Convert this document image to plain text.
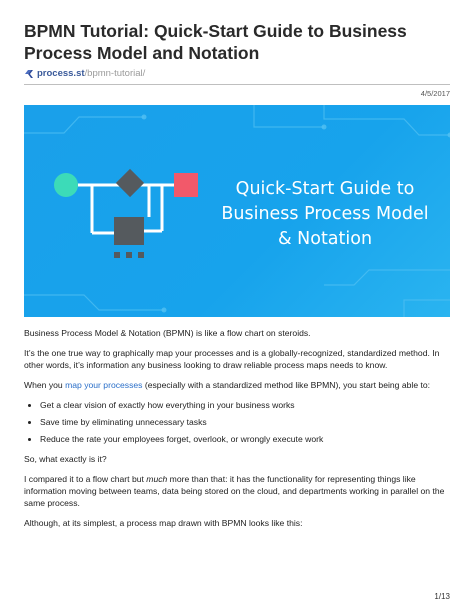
BPMN Tutorial: Quick-Start Guide to Business Process Model and Notation
process.st /bpmn-tutorial/
4/5/2017
Quick-Start Guide to Business Process Model & Notation

Business Process Model & Notation (BPMN) is like a flow chart on steroids.

It’s the one true way to graphically map your processes and is a globally-recognized, standardized method. In other words, it’s information any business looking to draw reliable process maps needs to know.

When you map your processes (especially with a standardized method like BPMN), you start being able to:

• Get a clear vision of exactly how everything in your business works
• Save time by eliminating unnecessary tasks
• Reduce the rate your employees forget, overlook, or wrongly execute work

So, what exactly is it?

I compared it to a flow chart but much more than that: it has the functionality for representing things like information moving between teams, data being stored on the cloud, and departments working in parallel on the same process.

Although, at its simplest, a process map drawn with BPMN looks like this:

1/13
